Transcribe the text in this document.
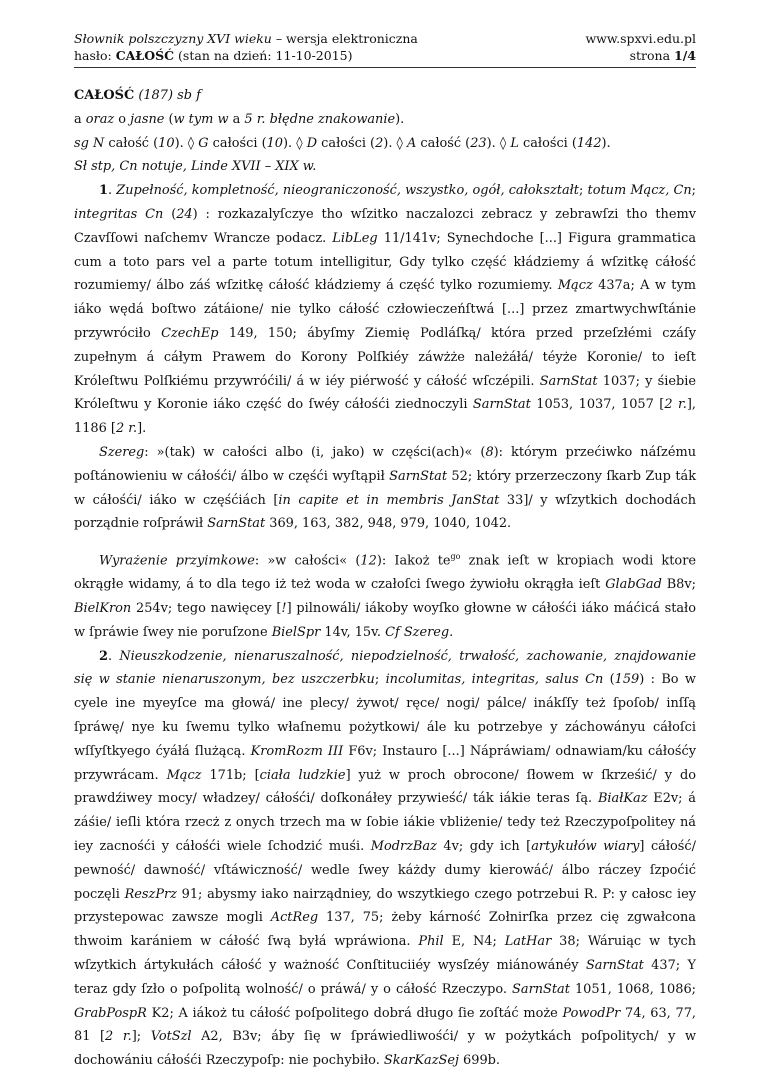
Słownik polszczyzny XVI wieku – wersja elektroniczna
hasło: CAŁOŚĆ (stan na dzień: 11-10-2015)
www.spxvi.edu.pl
strona 1/4

CAŁOŚĆ (187) sb f

a oraz o jasne (w tym w a 5 r. błędne znakowanie).

sg N całość (10). ◊ G całości (10). ◊ D całości (2). ◊ A całość (23). ◊ L całości (142).

Sł stp, Cn notuje, Linde XVII – XIX w.

1. Zupełność, kompletność, nieograniczoność, wszystko, ogół, całokształt; totum Mącz, Cn; integritas Cn (24) : rozkazalyſczye tho wſzitko naczalozci zebracz y zebrawſzi tho themv Czavſſowi naſchemv Wrancze podacz. LibLeg 11/141v; Synechdoche [...] Figura grammatica cum a toto pars vel a parte totum intelligitur, Gdy tylko część kłádziemy á wſzitkę cáłość rozumiemy/ álbo záś wſzitkę cáłość kłádziemy á część tylko rozumiemy. Mącz 437a; A w tym iáko wędá boſtwo zátáione/ nie tylko cáłość człowieczeńſtwá [...] przez zmartwychwſtánie przywróciło CzechEp 149, 150; ábyſmy Ziemię Podláſką/ która przed przeſzłémi czáſy zupełnym á cáłym Prawem do Korony Polſkiéy záwżże należáłá/ téyże Koronie/ to ieſt Króleſtwu Polſkiému przywróćili/ á w iéy piérwość y cáłość wſczépili. SarnStat 1037; y śiebie Króleſtwu y Koronie iáko część do ſwéy cáłośći ziednoczyli SarnStat 1053, 1037, 1057 [2 r.], 1186 [2 r.].

Szereg: »(tak) w całości albo (i, jako) w części(ach)« (8): którym przećiwko náſzému poſtánowieniu w cáłośći/ álbo w częśći wyſtąpił SarnStat 52; który przerzeczony ſkarb Zup ták w cáłośći/ iáko w częśćiách [in capite et in membris JanStat 33]/ y wſzytkich dochodách porządnie roſpráwił SarnStat 369, 163, 382, 948, 979, 1040, 1042.

Wyrażenie przyimkowe: »w całości« (12): Iakoż $te^{go}$ znak ieſt w kropiach wodi ktore okrągłe widamy, á to dla tego iż też woda w czałoſci ſwego żywiołu okrągła ieſt GlabGad B8v; BielKron 254v; tego nawięcey [!] pilnowáli/ iákoby woyſko głowne w cáłośći iáko máćicá stało w ſpráwie ſwey nie poruſzone BielSpr 14v, 15v. Cf Szereg.

2. Nieuszkodzenie, nienaruszalność, niepodzielność, trwałość, zachowanie, znajdowanie się w stanie nienaruszonym, bez uszczerbku; incolumitas, integritas, salus Cn (159) : Bo w cyele ine myeyſce ma głowá/ ine plecy/ żywot/ ręce/ nogi/ pálce/ inákſſy też ſpoſob/ inſſą ſpráwę/ nye ku ſwemu tylko właſnemu pożytkowi/ ále ku potrzebye y záchowányu cáłoſci wſſyſtkyego ćyáłá ſlużącą. KromRozm III F6v; Instauro [...] Nápráwiam/ odnawiam/ku cáłośćy przywrácam. Mącz 171b; [ciała ludzkie] yuż w proch obrocone/ ſłowem w ſkrześić/ y do prawdźiwey mocy/ władzey/ cáłośći/ doſkonáłey przywieść/ ták iákie teras ſą. BiałKaz E2v; á záśie/ ieſli która rzecż z onych trzech ma w ſobie iákie vbliżenie/ tedy też Rzeczypoſpolitey ná iey zacnośći y cáłośći wiele ſchodzić muśi. ModrzBaz 4v; gdy ich [artykułów wiary] cáłość/ pewność/ dawność/ vſtáwiczność/ wedle ſwey káżdy dumy kierowáć/ álbo ráczey ſzpoćić poczęli ReszPrz 91; abysmy iako nairządniey, do wszytkiego czego potrzebui R. P: y całosc iey przystepowac zawsze mogli ActReg 137, 75; żeby kárność Zołnirſka przez cię zgwałcona thwoim karániem w cáłość ſwą byłá wpráwiona. Phil E, N4; LatHar 38; Wáruiąc w tych wſzytkich ártykułách cáłość y ważność Conſtituciiéy wysſzéy miánowánéy SarnStat 437; Y teraz gdy ſzło o poſpolitą wolność/ o práwá/ y o cáłość Rzeczypo. SarnStat 1051, 1068, 1086; GrabPospR K2; A iákoż tu cáłość poſpolitego dobrá długo ſie zoſtáć może PowodPr 74, 63, 77, 81 [2 r.]; VotSzl A2, B3v; áby ſię w ſpráwiedliwośći/ y w pożytkách poſpolitych/ y w dochowániu cáłośći Rzeczypoſp: nie pochybiło. SkarKazSej 699b.
